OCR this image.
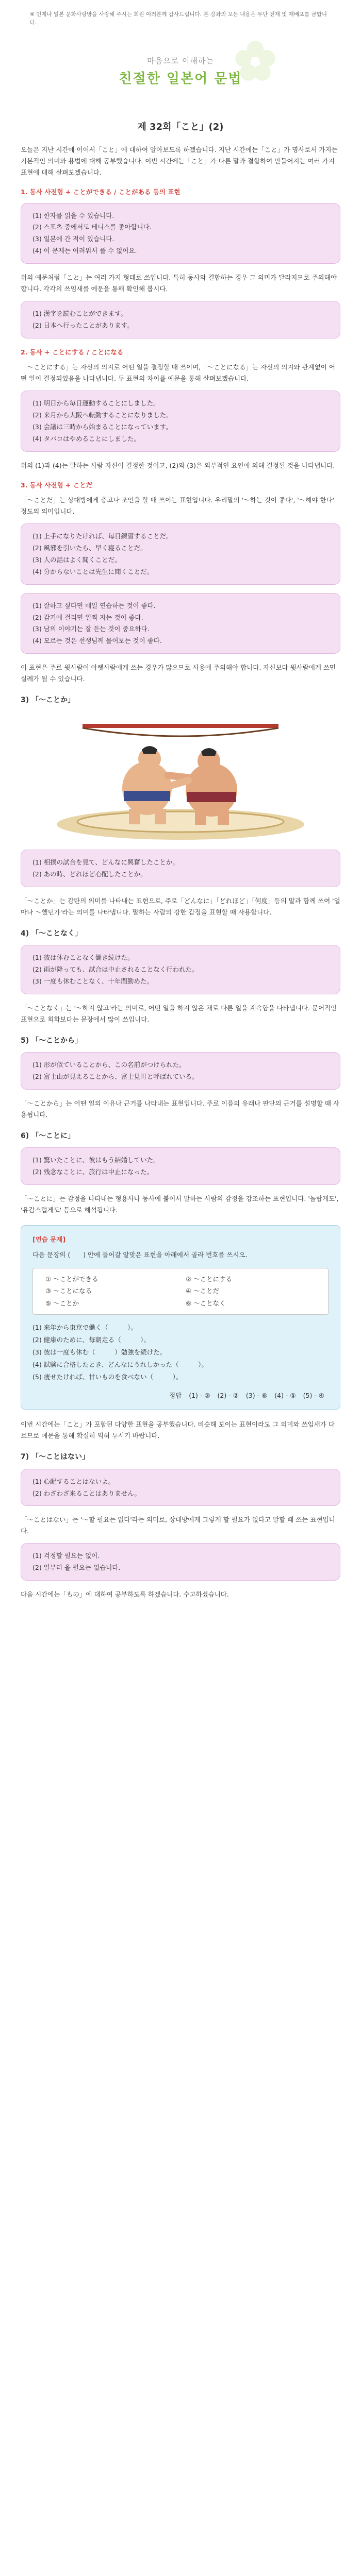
※ 언제나 일본 문화사랑방을 사랑해 주시는 회원 여러분께 감사드립니다. 본 강좌의 모든 내용은 무단 전재 및 재배포를 금합니다.
마음으로 이해하는
친절한 일본어 문법
제 32회「こと」(2)

오늘은 지난 시간에 이어서「こと」에 대하여 알아보도록 하겠습니다. 지난 시간에는「こと」가 명사로서 가지는 기본적인 의미와 용법에 대해 공부했습니다. 이번 시간에는「こと」가 다른 말과 결합하여 만들어지는 여러 가지 표현에 대해 살펴보겠습니다.

1. 동사 사전형 + ことができる / ことがある 등의 표현
(1) 한자를 읽을 수 있습니다.
(2) 스포츠 중에서도 테니스를 좋아합니다.
(3) 일본에 간 적이 있습니다.
(4) 이 문제는 어려워서 풀 수 없어요.

위의 예문처럼「こと」는 여러 가지 형태로 쓰입니다. 특히 동사와 결합하는 경우 그 의미가 달라지므로 주의해야 합니다. 각각의 쓰임새를 예문을 통해 확인해 봅시다.

(1) 漢字を読むことができます。
(2) 日本へ行ったことがあります。
2. 동사 + ことにする / ことになる

「〜ことにする」는 자신의 의지로 어떤 일을 결정할 때 쓰이며,「〜ことになる」는 자신의 의지와 관계없이 어떤 일이 결정되었음을 나타냅니다. 두 표현의 차이를 예문을 통해 살펴보겠습니다.

(1) 明日から毎日運動することにしました。
(2) 来月から大阪へ転勤することになりました。
(3) 会議は三時から始まることになっています。
(4) タバコはやめることにしました。

위의 (1)과 (4)는 말하는 사람 자신이 결정한 것이고, (2)와 (3)은 외부적인 요인에 의해 결정된 것을 나타냅니다.

3. 동사 사전형 + ことだ

「〜ことだ」는 상대방에게 충고나 조언을 할 때 쓰이는 표현입니다. 우리말의 '〜하는 것이 좋다', '〜해야 한다' 정도의 의미입니다.

(1) 上手になりたければ、毎日練習することだ。
(2) 風邪を引いたら、早く寝ることだ。
(3) 人の話はよく聞くことだ。
(4) 分からないことは先生に聞くことだ。
(1) 잘하고 싶다면 매일 연습하는 것이 좋다.
(2) 감기에 걸리면 일찍 자는 것이 좋다.
(3) 남의 이야기는 잘 듣는 것이 중요하다.
(4) 모르는 것은 선생님께 물어보는 것이 좋다.

이 표현은 주로 윗사람이 아랫사람에게 쓰는 경우가 많으므로 사용에 주의해야 합니다. 자신보다 윗사람에게 쓰면 실례가 될 수 있습니다.

3) 「〜ことか」
(1) 相撲の試合を見て、どんなに興奮したことか。
(2) あの時、どれほど心配したことか。

「〜ことか」는 감탄의 의미를 나타내는 표현으로, 주로「どんなに」「どれほど」「何度」등의 말과 함께 쓰여 '얼마나 〜했던가'라는 의미를 나타냅니다. 말하는 사람의 강한 감정을 표현할 때 사용합니다.

4) 「〜ことなく」
(1) 彼は休むことなく働き続けた。
(2) 雨が降っても、試合は中止されることなく行われた。
(3) 一度も休むことなく、十年間勤めた。

「〜ことなく」는 '〜하지 않고'라는 의미로, 어떤 일을 하지 않은 채로 다른 일을 계속함을 나타냅니다. 문어적인 표현으로 회화보다는 문장에서 많이 쓰입니다.

5) 「〜ことから」
(1) 形が似ていることから、この名前がつけられた。
(2) 富士山が見えることから、富士見町と呼ばれている。

「〜ことから」는 어떤 일의 이유나 근거를 나타내는 표현입니다. 주로 이름의 유래나 판단의 근거를 설명할 때 사용됩니다.

6) 「〜ことに」
(1) 驚いたことに、彼はもう結婚していた。
(2) 残念なことに、旅行は中止になった。

「〜ことに」는 감정을 나타내는 형용사나 동사에 붙어서 말하는 사람의 감정을 강조하는 표현입니다. '놀랍게도', '유감스럽게도' 등으로 해석됩니다.

[연습 문제]

다음 문장의 (　　) 안에 들어갈 알맞은 표현을 아래에서 골라 번호를 쓰시오.

① 〜ことができる	② 〜ことにする
③ 〜ことになる	④ 〜ことだ
⑤ 〜ことか	⑥ 〜ことなく
(1) 来年から東京で働く（　　　）。
(2) 健康のために、毎朝走る（　　　）。
(3) 彼は一度も休む（　　　）勉強を続けた。
(4) 試験に合格したとき、どんなにうれしかった（　　　）。
(5) 痩せたければ、甘いものを食べない（　　　）。
정답 (1) - ③ (2) - ② (3) - ⑥ (4) - ⑤ (5) - ④

이번 시간에는「こと」가 포함된 다양한 표현을 공부했습니다. 비슷해 보이는 표현이라도 그 의미와 쓰임새가 다르므로 예문을 통해 확실히 익혀 두시기 바랍니다.

7) 「〜ことはない」
(1) 心配することはないよ。
(2) わざわざ来ることはありません。

「〜ことはない」는 '〜할 필요는 없다'라는 의미로, 상대방에게 그렇게 할 필요가 없다고 말할 때 쓰는 표현입니다.

(1) 걱정할 필요는 없어.
(2) 일부러 올 필요는 없습니다.

다음 시간에는「もの」에 대하여 공부하도록 하겠습니다. 수고하셨습니다.
